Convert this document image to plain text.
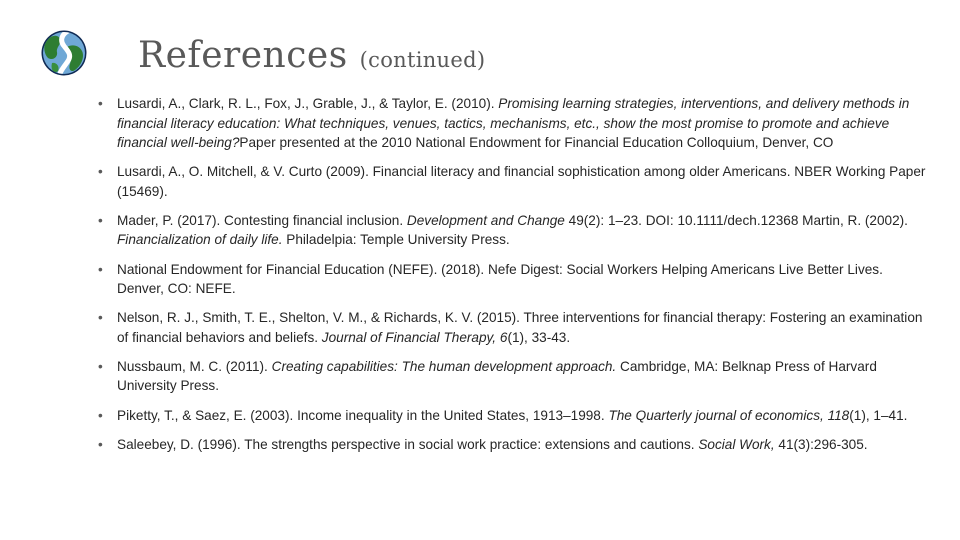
References (continued)
• Lusardi, A., Clark, R. L., Fox, J., Grable, J., & Taylor, E. (2010). Promising learning strategies, interventions, and delivery methods in financial literacy education: What techniques, venues, tactics, mechanisms, etc., show the most promise to promote and achieve financial well-being?Paper presented at the 2010 National Endowment for Financial Education Colloquium, Denver, CO
• Lusardi, A., O. Mitchell, & V. Curto (2009). Financial literacy and financial sophistication among older Americans. NBER Working Paper (15469).
• Mader, P. (2017). Contesting financial inclusion. Development and Change 49(2): 1–23. DOI: 10.1111/dech.12368 Martin, R. (2002). Financialization of daily life. Philadelpia: Temple University Press.
• National Endowment for Financial Education (NEFE). (2018). Nefe Digest: Social Workers Helping Americans Live Better Lives. Denver, CO: NEFE.
• Nelson, R. J., Smith, T. E., Shelton, V. M., & Richards, K. V. (2015). Three interventions for financial therapy: Fostering an examination of financial behaviors and beliefs. Journal of Financial Therapy, 6(1), 33-43.
• Nussbaum, M. C. (2011). Creating capabilities: The human development approach. Cambridge, MA: Belknap Press of Harvard University Press.
• Piketty, T., & Saez, E. (2003). Income inequality in the United States, 1913–1998. The Quarterly journal of economics, 118(1), 1–41.
• Saleebey, D. (1996). The strengths perspective in social work practice: extensions and cautions. Social Work, 41(3):296-305.
